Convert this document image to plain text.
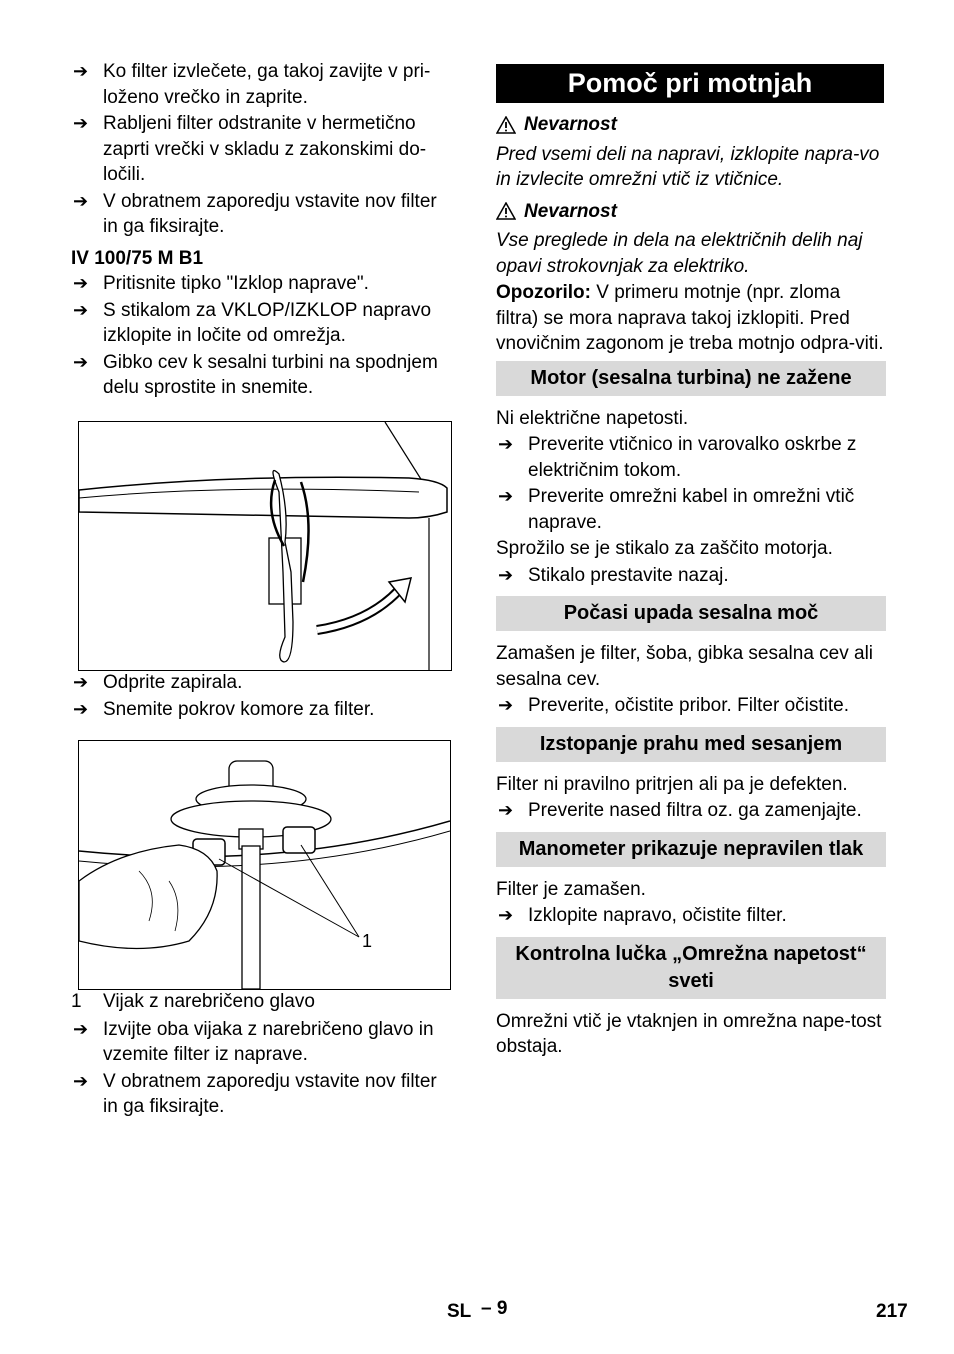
➔ Ko filter izvlečete, ga takoj zavijte v pri-loženo vrečko in zaprite.
➔ Rabljeni filter odstranite v hermetično zaprti vrečki v skladu z zakonskimi do-ločili.
➔ V obratnem zaporedju vstavite nov filter in ga fiksirajte.
IV 100/75 M B1
➔ Pritisnite tipko "Izklop naprave".
➔ S stikalom za VKLOP/IZKLOP napravo izklopite in ločite od omrežja.
➔ Gibko cev k sesalni turbini na spodnjem delu sprostite in snemite.
➔ Odprite zapirala.
➔ Snemite pokrov komore za filter.
1
1 Vijak z narebričeno glavo
➔ Izvijte oba vijaka z narebričeno glavo in vzemite filter iz naprave.
➔ V obratnem zaporedju vstavite nov filter in ga fiksirajte.
Pomoč pri motnjah
Nevarnost
Pred vsemi deli na napravi, izklopite napra-vo in izvlecite omrežni vtič iz vtičnice.
Nevarnost
Vse preglede in dela na električnih delih naj opavi strokovnjak za elektriko.
Opozorilo: V primeru motnje (npr. zloma filtra) se mora naprava takoj izklopiti. Pred vnovičnim zagonom je treba motnjo odpra-viti.
Motor (sesalna turbina) ne zažene
Ni električne napetosti.
➔ Preverite vtičnico in varovalko oskrbe z električnim tokom.
➔ Preverite omrežni kabel in omrežni vtič naprave.
Sprožilo se je stikalo za zaščito motorja.
➔ Stikalo prestavite nazaj.
Počasi upada sesalna moč
Zamašen je filter, šoba, gibka sesalna cev ali sesalna cev.
➔ Preverite, očistite pribor. Filter očistite.
Izstopanje prahu med sesanjem
Filter ni pravilno pritrjen ali pa je defekten.
➔ Preverite nased filtra oz. ga zamenjajte.
Manometer prikazuje nepravilen tlak
Filter je zamašen.
➔ Izklopite napravo, očistite filter.
Kontrolna lučka „Omrežna napetost“ sveti
Omrežni vtič je vtaknjen in omrežna nape-tost obstaja.
SL – 9	217
